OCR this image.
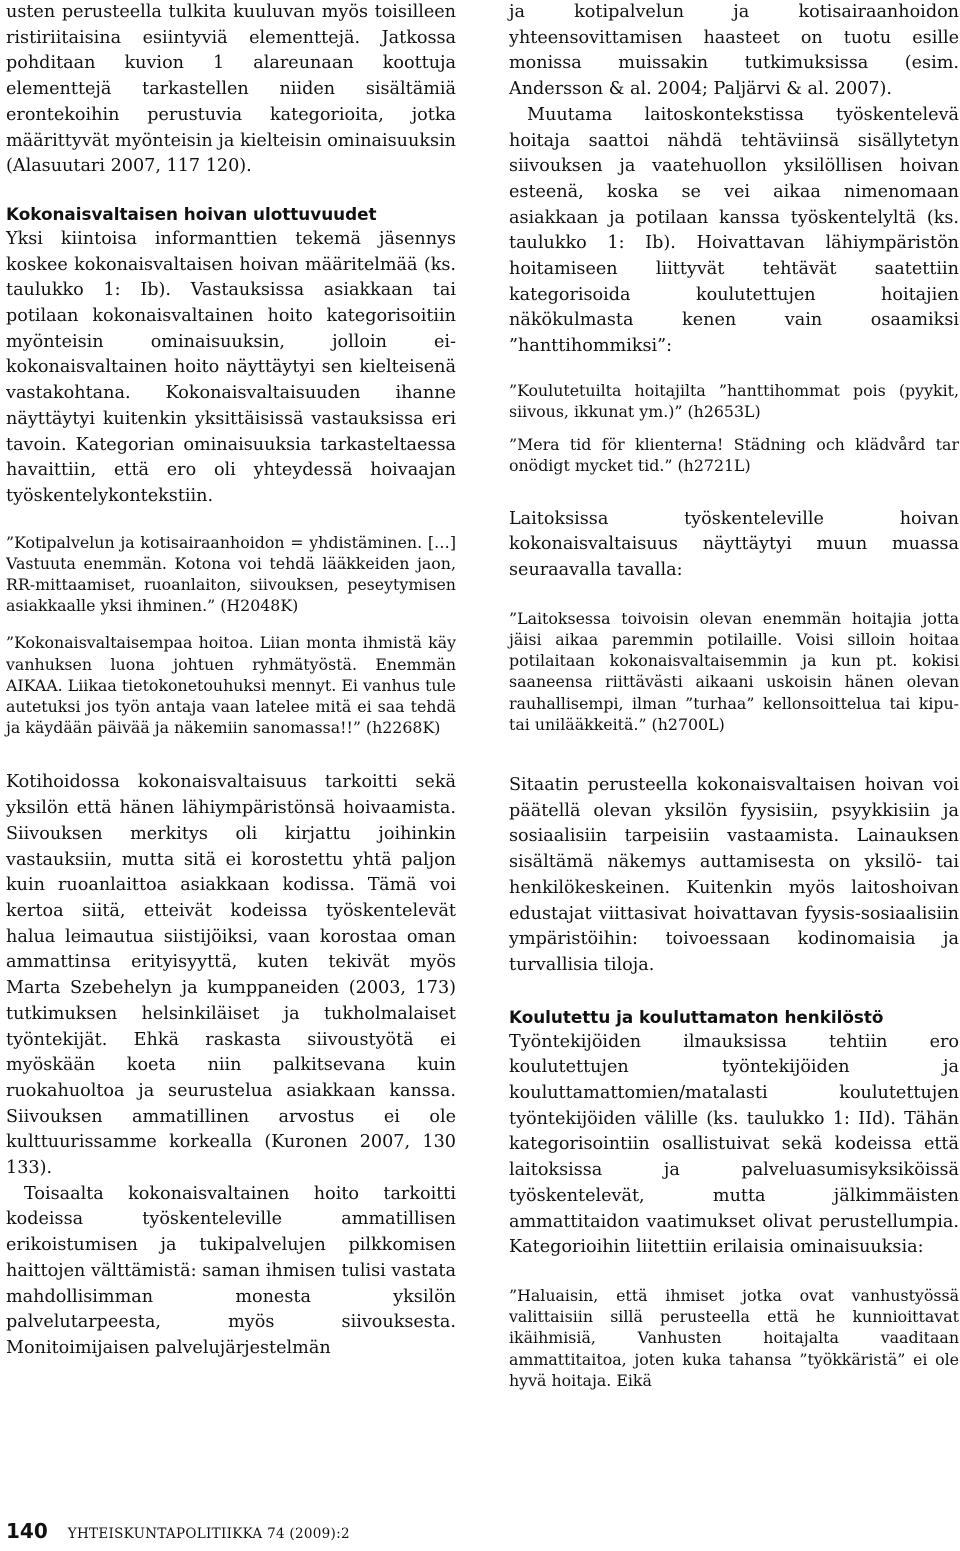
usten perusteella tulkita kuuluvan myös toisilleen ristiriitaisina esiintyviä elementtejä. Jatkossa pohditaan kuvion 1 alareunaan koottuja elementtejä tarkastellen niiden sisältämiä erontekoihin perustuvia kategorioita, jotka määrittyvät myönteisin ja kielteisin ominaisuuksin (Alasuutari 2007, 117 120).

Kokonaisvaltaisen hoivan ulottuvuudet

Yksi kiintoisa informanttien tekemä jäsennys koskee kokonaisvaltaisen hoivan määritelmää (ks. taulukko 1: Ib). Vastauksissa asiakkaan tai potilaan kokonaisvaltainen hoito kategorisoitiin myönteisin ominaisuuksin, jolloin ei-kokonaisvaltainen hoito näyttäytyi sen kielteisenä vastakohtana. Kokonaisvaltaisuuden ihanne näyttäytyi kuitenkin yksittäisissä vastauksissa eri tavoin. Kategorian ominaisuuksia tarkasteltaessa havaittiin, että ero oli yhteydessä hoivaajan työskentelykontekstiin.

”Kotipalvelun ja kotisairaanhoidon = yhdistäminen. […] Vastuuta enemmän. Kotona voi tehdä lääkkeiden jaon, RR-mittaamiset, ruoanlaiton, siivouksen, peseytymisen asiakkaalle yksi ihminen.” (H2048K)

”Kokonaisvaltaisempaa hoitoa. Liian monta ihmistä käy vanhuksen luona johtuen ryhmätyöstä. Enemmän AIKAA. Liikaa tietokonetouhuksi mennyt. Ei vanhus tule autetuksi jos työn antaja vaan latelee mitä ei saa tehdä ja käydään päivää ja näkemiin sanomassa!!” (h2268K)

Kotihoidossa kokonaisvaltaisuus tarkoitti sekä yksilön että hänen lähiympäristönsä hoivaamista. Siivouksen merkitys oli kirjattu joihinkin vastauksiin, mutta sitä ei korostettu yhtä paljon kuin ruoanlaittoa asiakkaan kodissa. Tämä voi kertoa siitä, etteivät kodeissa työskentelevät halua leimautua siistijöiksi, vaan korostaa oman ammattinsa erityisyyttä, kuten tekivät myös Marta Szebehelyn ja kumppaneiden (2003, 173) tutkimuksen helsinkiläiset ja tukholmalaiset työntekijät. Ehkä raskasta siivoustyötä ei myöskään koeta niin palkitsevana kuin ruokahuoltoa ja seurustelua asiakkaan kanssa. Siivouksen ammatillinen arvostus ei ole kulttuurissamme korkealla (Kuronen 2007, 130 133).

Toisaalta kokonaisvaltainen hoito tarkoitti kodeissa työskenteleville ammatillisen erikoistumisen ja tukipalvelujen pilkkomisen haittojen välttämistä: saman ihmisen tulisi vastata mahdollisimman monesta yksilön palvelutarpeesta, myös siivouksesta. Monitoimijaisen palvelujärjestelmän

ja kotipalvelun ja kotisairaanhoidon yhteensovittamisen haasteet on tuotu esille monissa muissakin tutkimuksissa (esim. Andersson & al. 2004; Paljärvi & al. 2007).

Muutama laitoskontekstissa työskentelevä hoitaja saattoi nähdä tehtäviinsä sisällytetyn siivouksen ja vaatehuollon yksilöllisen hoivan esteenä, koska se vei aikaa nimenomaan asiakkaan ja potilaan kanssa työskentelyltä (ks. taulukko 1: Ib). Hoivattavan lähiympäristön hoitamiseen liittyvät tehtävät saatettiin kategorisoida koulutettujen hoitajien näkökulmasta kenen vain osaamiksi ”hanttihommiksi”:

”Koulutetuilta hoitajilta ”hanttihommat pois (pyykit, siivous, ikkunat ym.)” (h2653L)

”Mera tid för klienterna! Städning och klädvård tar onödigt mycket tid.” (h2721L)

Laitoksissa työskenteleville hoivan kokonaisvaltaisuus näyttäytyi muun muassa seuraavalla tavalla:

”Laitoksessa toivoisin olevan enemmän hoitajia jotta jäisi aikaa paremmin potilaille. Voisi silloin hoitaa potilaitaan kokonaisvaltaisemmin ja kun pt. kokisi saaneensa riittävästi aikaani uskoisin hänen olevan rauhallisempi, ilman ”turhaa” kellonsoittelua tai kipu- tai unilääkkeitä.” (h2700L)

Sitaatin perusteella kokonaisvaltaisen hoivan voi päätellä olevan yksilön fyysisiin, psyykkisiin ja sosiaalisiin tarpeisiin vastaamista. Lainauksen sisältämä näkemys auttamisesta on yksilö- tai henkilökeskeinen. Kuitenkin myös laitoshoivan edustajat viittasivat hoivattavan fyysis-sosiaalisiin ympäristöihin: toivoessaan kodinomaisia ja turvallisia tiloja.

Koulutettu ja kouluttamaton henkilöstö

Työntekijöiden ilmauksissa tehtiin ero koulutettujen työntekijöiden ja kouluttamattomien/matalasti koulutettujen työntekijöiden välille (ks. taulukko 1: IId). Tähän kategorisointiin osallistuivat sekä kodeissa että laitoksissa ja palveluasumisyksiköissä työskentelevät, mutta jälkimmäisten ammattitaidon vaatimukset olivat perustellumpia. Kategorioihin liitettiin erilaisia ominaisuuksia:

”Haluaisin, että ihmiset jotka ovat vanhustyössä valittaisiin sillä perusteella että he kunnioittavat ikäihmisiä, Vanhusten hoitajalta vaaditaan ammattitaitoa, joten kuka tahansa ”työkkäristä” ei ole hyvä hoitaja. Eikä

140 YHTEISKUNTAPOLITIIKKA 74 (2009):2
